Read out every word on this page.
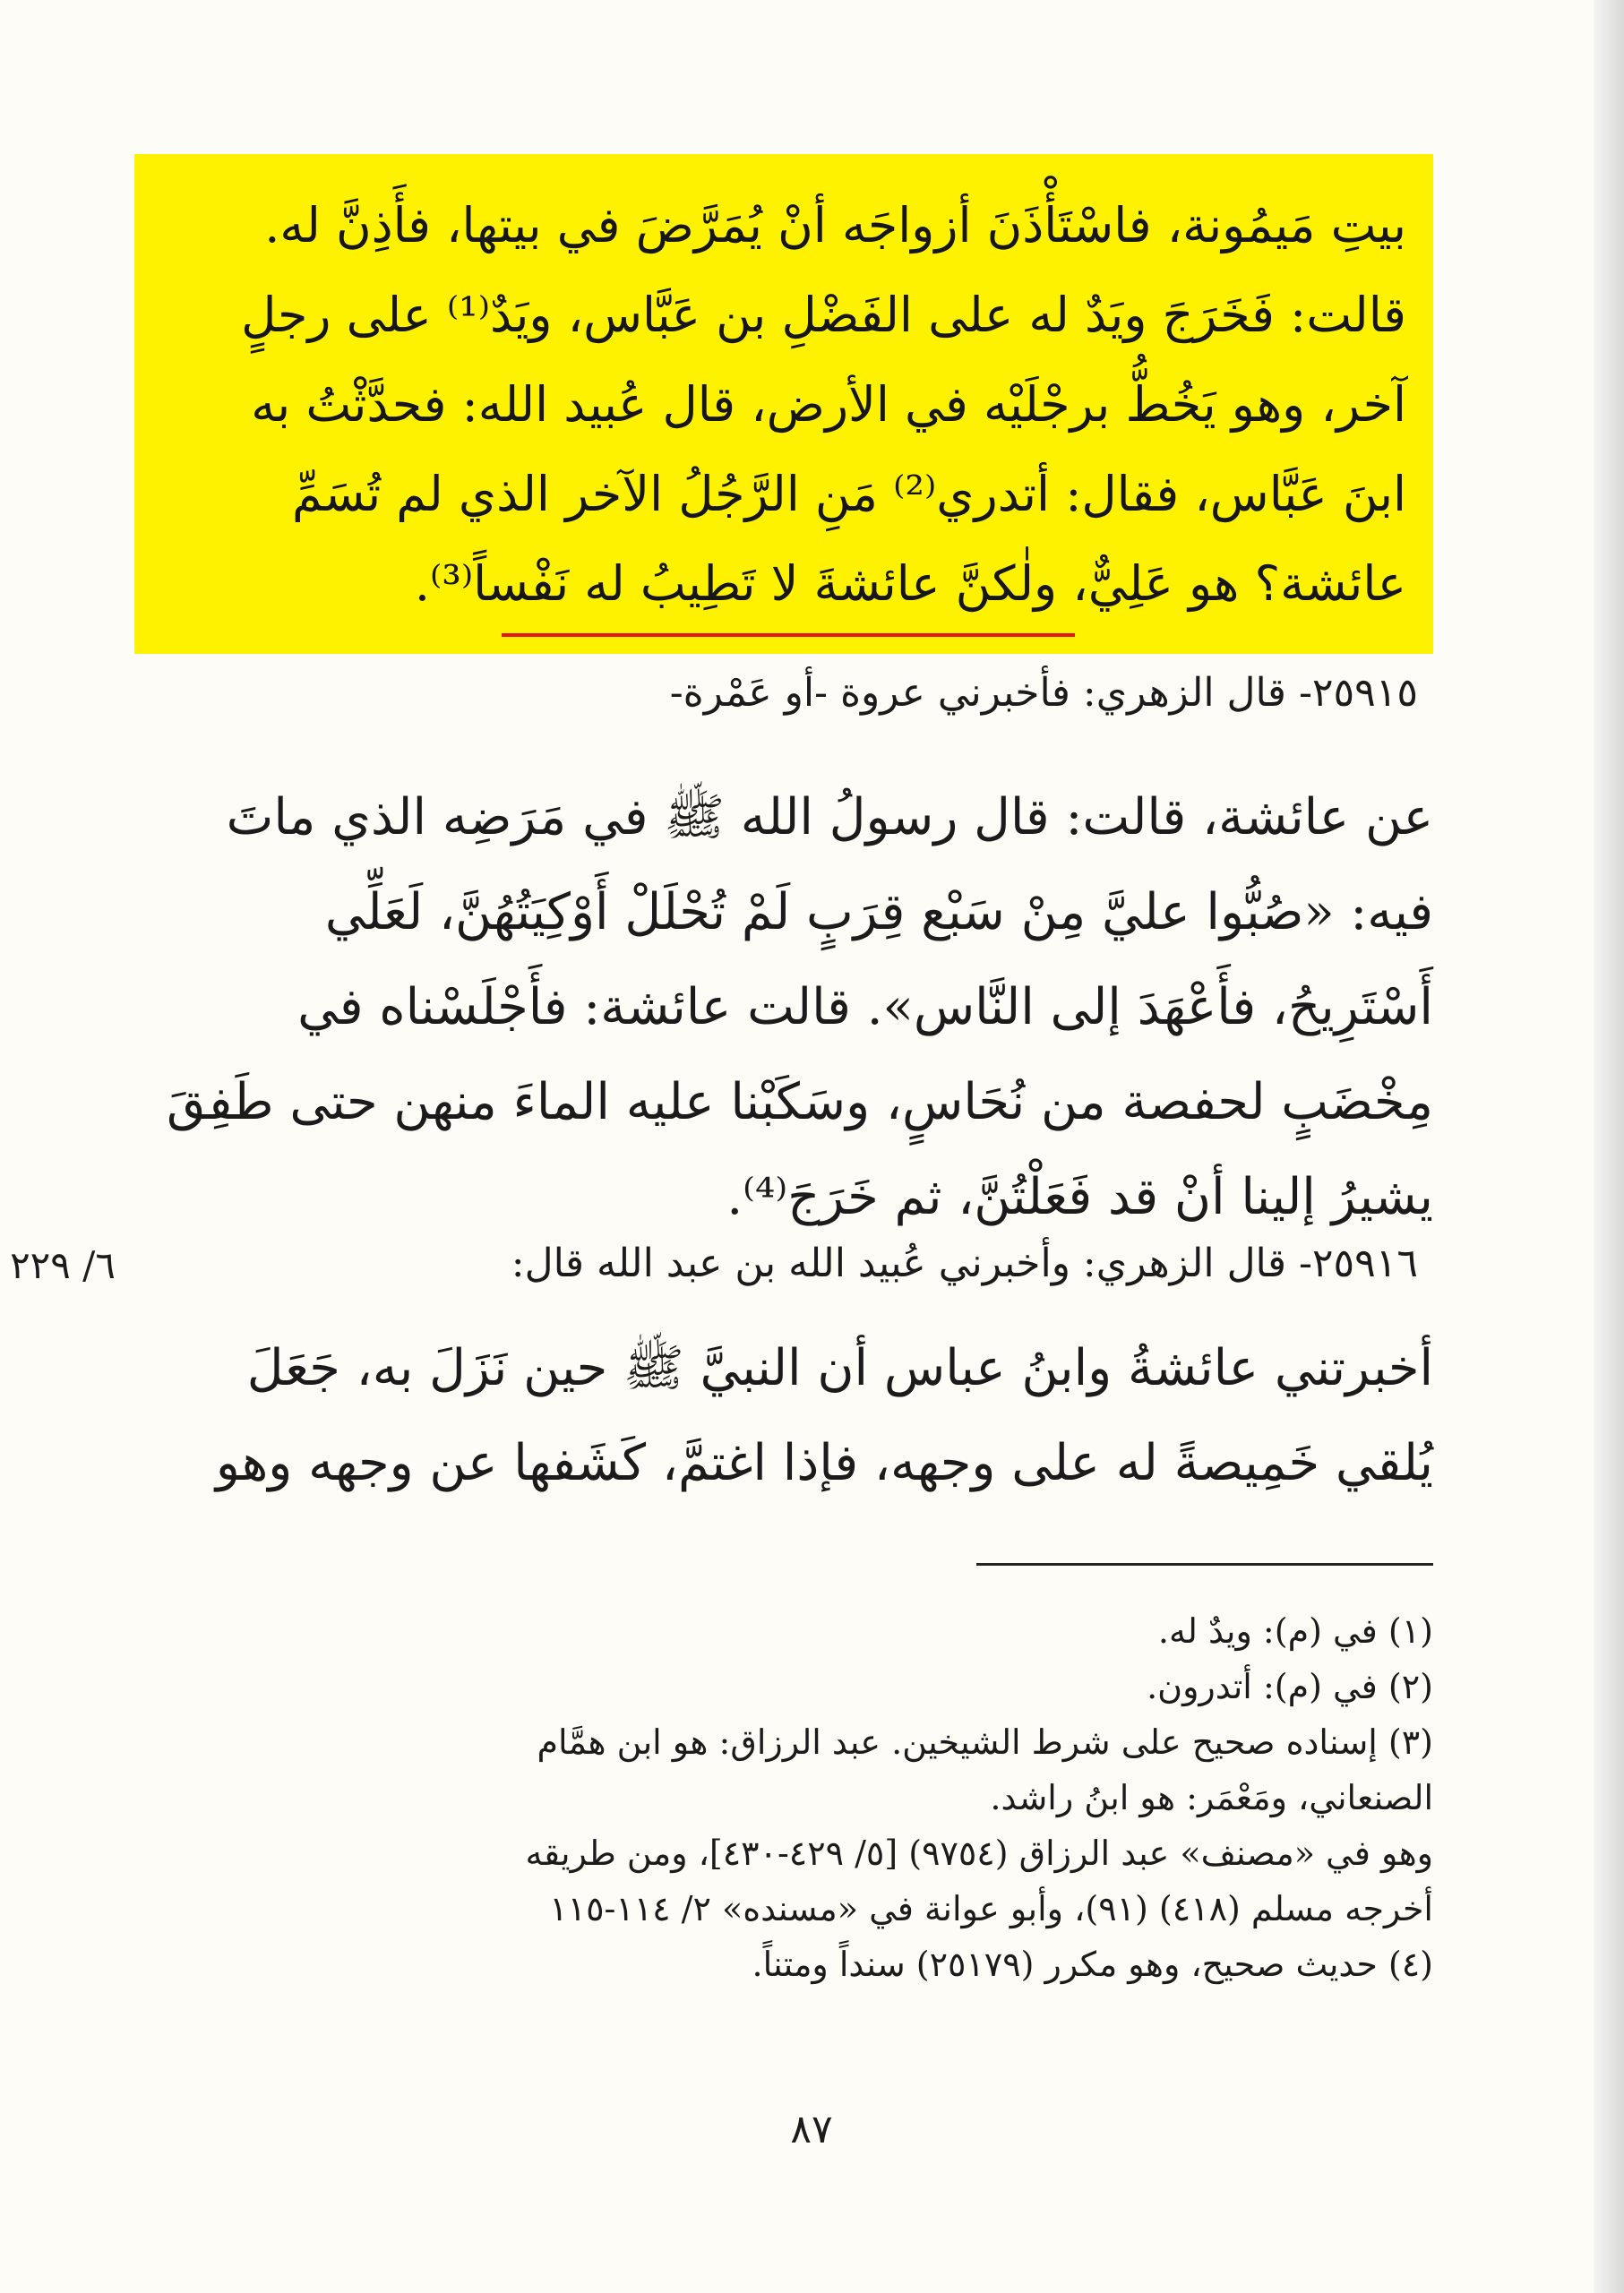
بيتِ مَيمُونة، فاسْتَأْذَنَ أزواجَه أنْ يُمَرَّضَ في بيتها، فأَذِنَّ له.
قالت: فَخَرَجَ ويَدٌ له على الفَضْلِ بن عَبَّاس، ويَدٌ⁽¹⁾ على رجلٍ
آخر، وهو يَخُطُّ برجْلَيْه في الأرض، قال عُبيد الله: فحدَّثْتُ به
ابنَ عَبَّاس، فقال: أتدري⁽²⁾ مَنِ الرَّجُلُ الآخر الذي لم تُسَمِّ
عائشة؟ هو عَلِيٌّ، ولٰكنَّ عائشةَ لا تَطِيبُ له نَفْساً⁽³⁾.
٢٥٩١٥- قال الزهري: فأخبرني عروة -أو عَمْرة-
عن عائشة، قالت: قال رسولُ الله ﷺ في مَرَضِه الذي ماتَ
فيه: «صُبُّوا عليَّ مِنْ سَبْع قِرَبٍ لَمْ تُحْلَلْ أَوْكِيَتُهُنَّ، لَعَلِّي
أَسْتَرِيحُ، فأَعْهَدَ إلى النَّاس». قالت عائشة: فأَجْلَسْناه في
مِخْضَبٍ لحفصة من نُحَاسٍ، وسَكَبْنا عليه الماءَ منهن حتى طَفِقَ
يشيرُ إلينا أنْ قد فَعَلْتُنَّ، ثم خَرَجَ⁽⁴⁾.
٦/ ٢٢٩	٢٥٩١٦- قال الزهري: وأخبرني عُبيد الله بن عبد الله قال:
أخبرتني عائشةُ وابنُ عباس أن النبيَّ ﷺ حين نَزَلَ به، جَعَلَ
يُلقي خَمِيصةً له على وجهه، فإذا اغتمَّ، كَشَفها عن وجهه وهو
(١) في (م): ويدٌ له.
(٢) في (م): أتدرون.
(٣) إسناده صحيح على شرط الشيخين. عبد الرزاق: هو ابن همَّام
الصنعاني، ومَعْمَر: هو ابنُ راشد.
وهو في «مصنف» عبد الرزاق (٩٧٥٤) [٥/ ٤٢٩-٤٣٠]، ومن طريقه
أخرجه مسلم (٤١٨) (٩١)، وأبو عوانة في «مسنده» ٢/ ١١٤-١١٥
(٤) حديث صحيح، وهو مكرر (٢٥١٧٩) سنداً ومتناً.
٨٧
